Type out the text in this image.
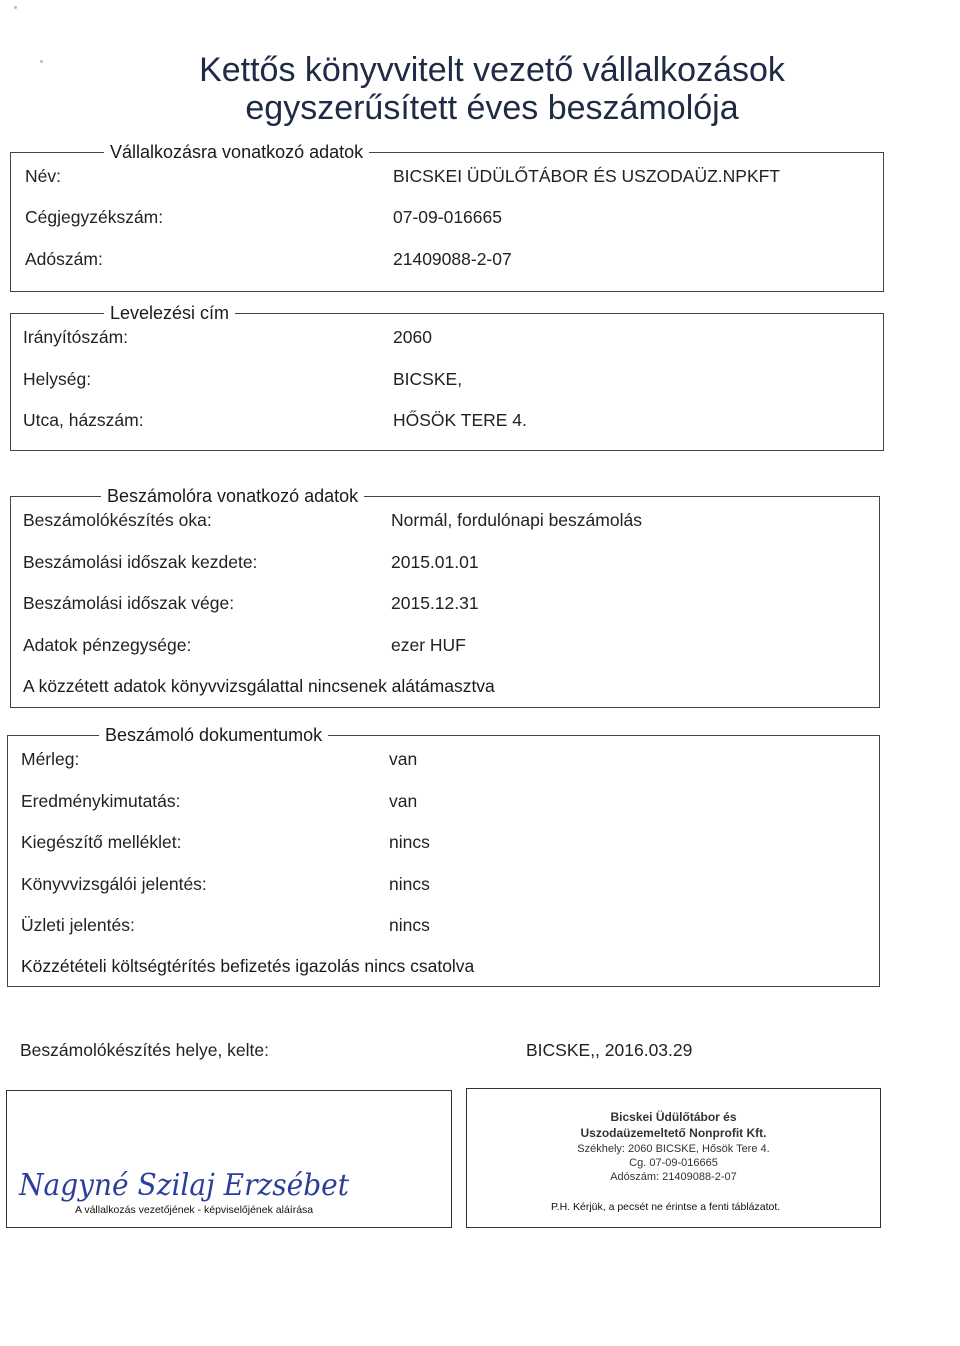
Kettős könyvvitelt vezető vállalkozások
egyszerűsített éves beszámolója
Vállalkozásra vonatkozó adatok
Név:	BICSKEI ÜDÜLŐTÁBOR ÉS USZODAÜZ.NPKFT
Cégjegyzékszám:	07-09-016665
Adószám:	21409088-2-07
Levelezési cím
Irányítószám:	2060
Helység:	BICSKE,
Utca, házszám:	HŐSÖK TERE 4.
Beszámolóra vonatkozó adatok
Beszámolókészítés oka:	Normál, fordulónapi beszámolás
Beszámolási időszak kezdete:	2015.01.01
Beszámolási időszak vége:	2015.12.31
Adatok pénzegysége:	ezer HUF
A közzétett adatok könyvvizsgálattal nincsenek alátámasztva
Beszámoló dokumentumok
Mérleg:	van
Eredménykimutatás:	van
Kiegészítő melléklet:	nincs
Könyvvizsgálói jelentés:	nincs
Üzleti jelentés:	nincs
Közzétételi költségtérítés befizetés igazolás nincs csatolva
Beszámolókészítés helye, kelte:	BICSKE,, 2016.03.29
Nagyné Szilaj Erzsébet
A vállalkozás vezetőjének - képviselőjének aláírása
Bicskei Üdülőtábor és
Uszodaüzemeltető Nonprofit Kft.
Székhely: 2060 BICSKE, Hősök Tere 4.
Cg. 07-09-016665
Adószám: 21409088-2-07
P.H. Kérjük, a pecsét ne érintse a fenti táblázatot.
